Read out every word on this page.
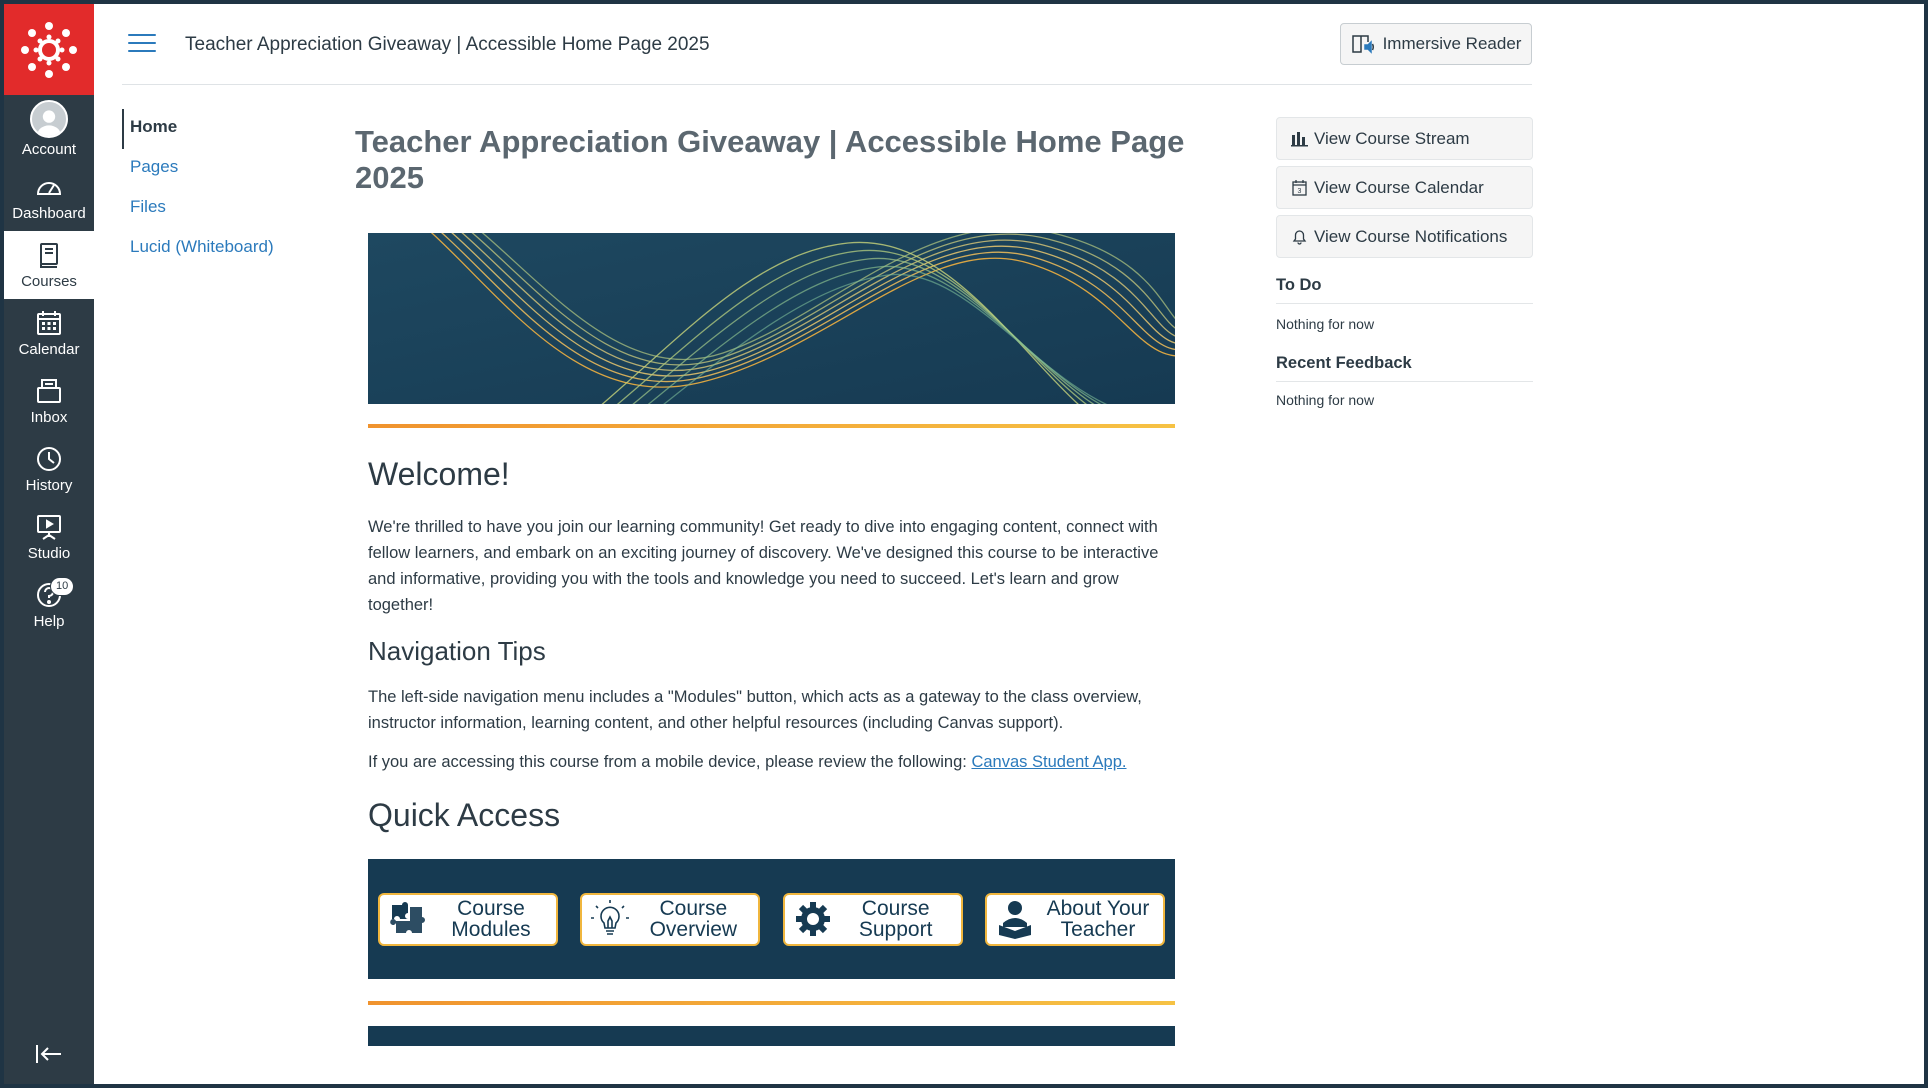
Account
Dashboard
Courses
Calendar
Inbox
History
Studio
10
Help
Teacher Appreciation Giveaway | Accessible Home Page 2025	Immersive Reader
Home
Pages
Files
Lucid (Whiteboard)
Teacher Appreciation Giveaway | Accessible Home Page 2025
Welcome!

We're thrilled to have you join our learning community! Get ready to dive into engaging content, connect with fellow learners, and embark on an exciting journey of discovery. We've designed this course to be interactive and informative, providing you with the tools and knowledge you need to succeed. Let's learn and grow together!

Navigation Tips

The left-side navigation menu includes a "Modules" button, which acts as a gateway to the class overview, instructor information, learning content, and other helpful resources (including Canvas support).

If you are accessing this course from a mobile device, please review the following: Canvas Student App.

Quick Access
Course
Modules
Course
Overview
Course
Support
About Your
Teacher
View Course Stream
3 View Course Calendar
View Course Notifications
To Do
Nothing for now
Recent Feedback
Nothing for now
